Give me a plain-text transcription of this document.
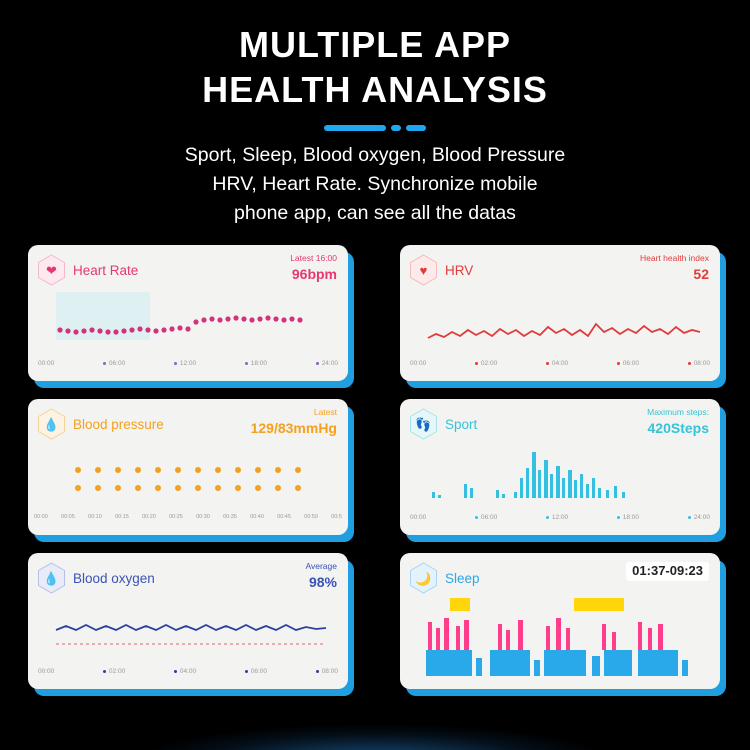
MULTIPLE APP
HEALTH ANALYSIS
Sport, Sleep, Blood oxygen, Blood Pressure
HRV, Heart Rate. Synchronize mobile
phone app, can see all the datas
❤ Heart Rate
Latest 16:00
96bpm
00:00	06:00	12:00	18:00	24:00
♥ HRV
Heart health index
52
00:00	02:00	04:00	06:00	08:00
💧 Blood pressure
Latest
129/83mmHg
00:00 00:05 00:10 00:15 00:20 00:25 00:30 00:35 00:40 00:45 00:50 00:5
👣 Sport
Maximum steps:
420Steps
00:00	06:00	12:00	18:00	24:00
💧 Blood oxygen
Average
98%
00:00	02:00	04:00	06:00	08:00
🌙 Sleep	01:37-09:23
